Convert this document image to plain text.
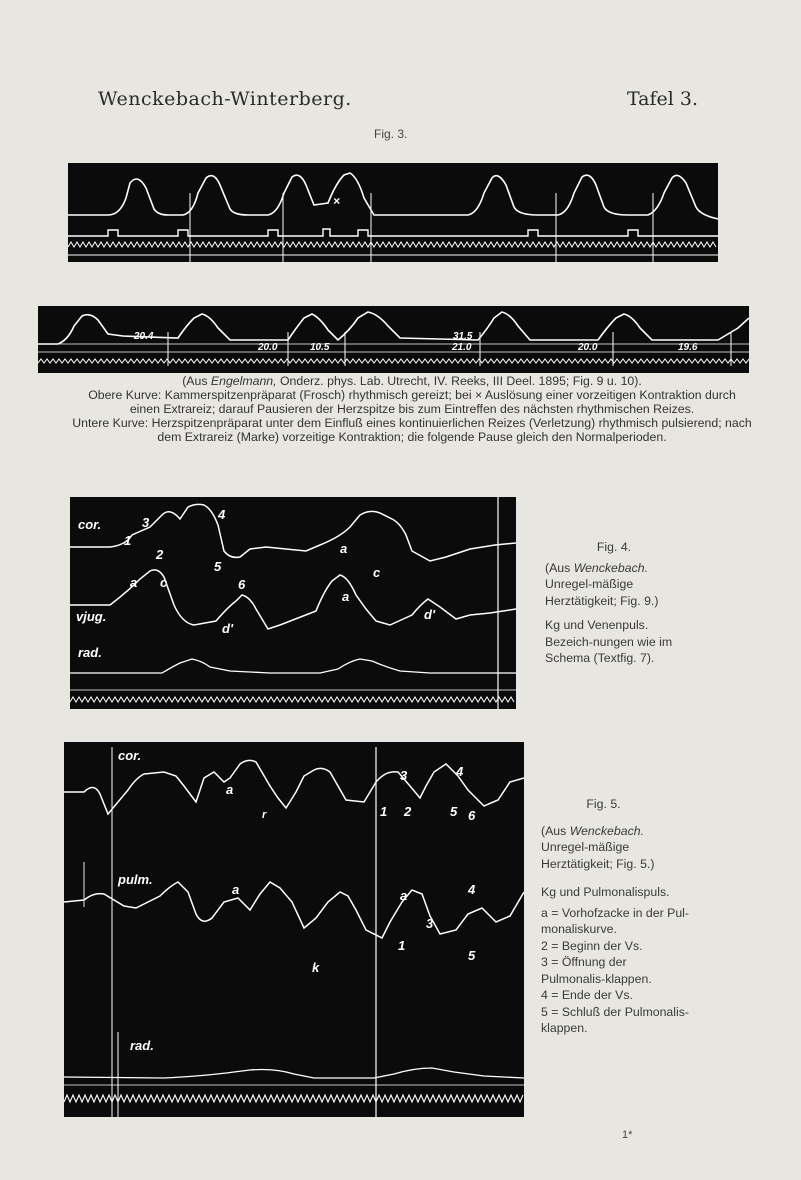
Wenckebach-Winterberg.	Tafel 3.
Fig. 3.
×
20.4
20.0	10.5
31.5
21.0	20.0	19.6
(Aus Engelmann, Onderz. phys. Lab. Utrecht, IV. Reeks, III Deel. 1895; Fig. 9 u. 10).
Obere Kurve: Kammerspitzenpräparat (Frosch) rhythmisch gereizt; bei × Auslösung einer vorzeitigen Kontraktion durch einen Extrareiz; darauf Pausieren der Herzspitze bis zum Eintreffen des nächsten rhythmischen Reizes.
Untere Kurve: Herzspitzenpräparat unter dem Einfluß eines kontinuierlichen Reizes (Verletzung) rhythmisch pulsierend; nach dem Extrareiz (Marke) vorzeitige Kontraktion; die folgende Pause gleich den Normalperioden.
cor.
vjug.
rad.
3
4
1
2
a c
5
6
d'
a
c
a
d'

Fig. 4.

(Aus Wenckebach. Unregel-mäßige Herztätigkeit; Fig. 9.)

Kg und Venenpuls. Bezeich-nungen wie im Schema (Textfig. 7).

cor.
pulm.
rad.
a
r
3	4
1 2	5 6
a	a	4
3
1
5
k

Fig. 5.

(Aus Wenckebach. Unregel-mäßige Herztätigkeit; Fig. 5.)

Kg und Pulmonalispuls.

a = Vorhofzacke in der Pul-monaliskurve.

2 = Beginn der Vs.

3 = Öffnung der Pulmonalis-klappen.

4 = Ende der Vs.

5 = Schluß der Pulmonalis-klappen.

1*
